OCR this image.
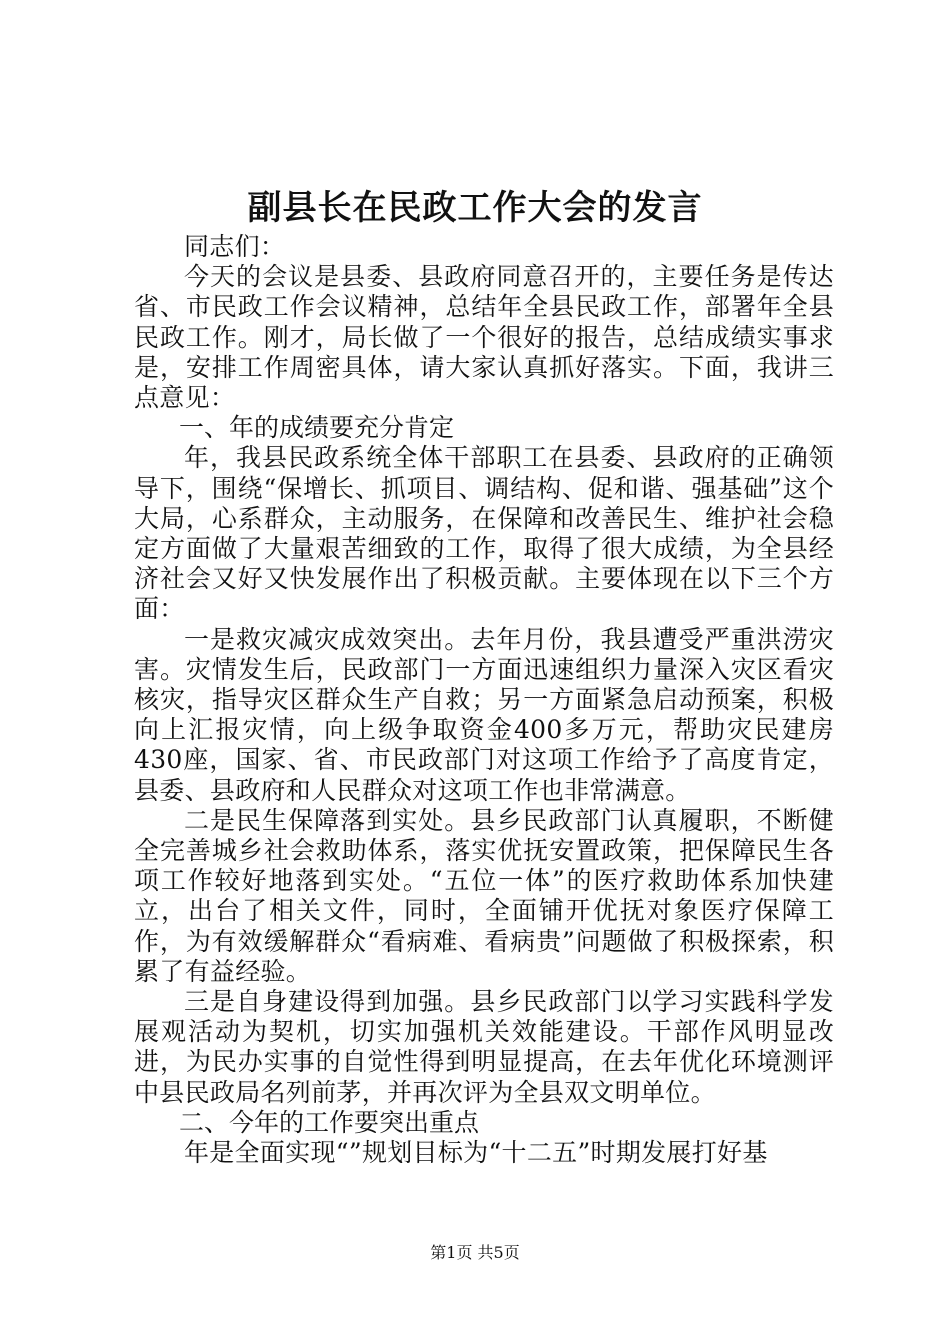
副县长在民政工作大会的发言

同志们：

今天的会议是县委、县政府同意召开的，主要任务是传达省、市民政工作会议精神，总结年全县民政工作，部署年全县民政工作。刚才，局长做了一个很好的报告，总结成绩实事求是，安排工作周密具体，请大家认真抓好落实。下面，我讲三点意见：

一、年的成绩要充分肯定

年，我县民政系统全体干部职工在县委、县政府的正确领导下，围绕“保增长、抓项目、调结构、促和谐、强基础”这个大局，心系群众，主动服务，在保障和改善民生、维护社会稳定方面做了大量艰苦细致的工作，取得了很大成绩，为全县经济社会又好又快发展作出了积极贡献。主要体现在以下三个方面：

一是救灾减灾成效突出。去年月份，我县遭受严重洪涝灾害。灾情发生后，民政部门一方面迅速组织力量深入灾区看灾核灾，指导灾区群众生产自救；另一方面紧急启动预案，积极向上汇报灾情，向上级争取资金400多万元，帮助灾民建房430座，国家、省、市民政部门对这项工作给予了高度肯定，县委、县政府和人民群众对这项工作也非常满意。

二是民生保障落到实处。县乡民政部门认真履职，不断健全完善城乡社会救助体系，落实优抚安置政策，把保障民生各项工作较好地落到实处。“五位一体”的医疗救助体系加快建立，出台了相关文件，同时，全面铺开优抚对象医疗保障工作，为有效缓解群众“看病难、看病贵”问题做了积极探索，积累了有益经验。

三是自身建设得到加强。县乡民政部门以学习实践科学发展观活动为契机，切实加强机关效能建设。干部作风明显改进，为民办实事的自觉性得到明显提高，在去年优化环境测评中县民政局名列前茅，并再次评为全县双文明单位。

二、今年的工作要突出重点

年是全面实现“”规划目标为“十二五”时期发展打好基

第1页 共5页
